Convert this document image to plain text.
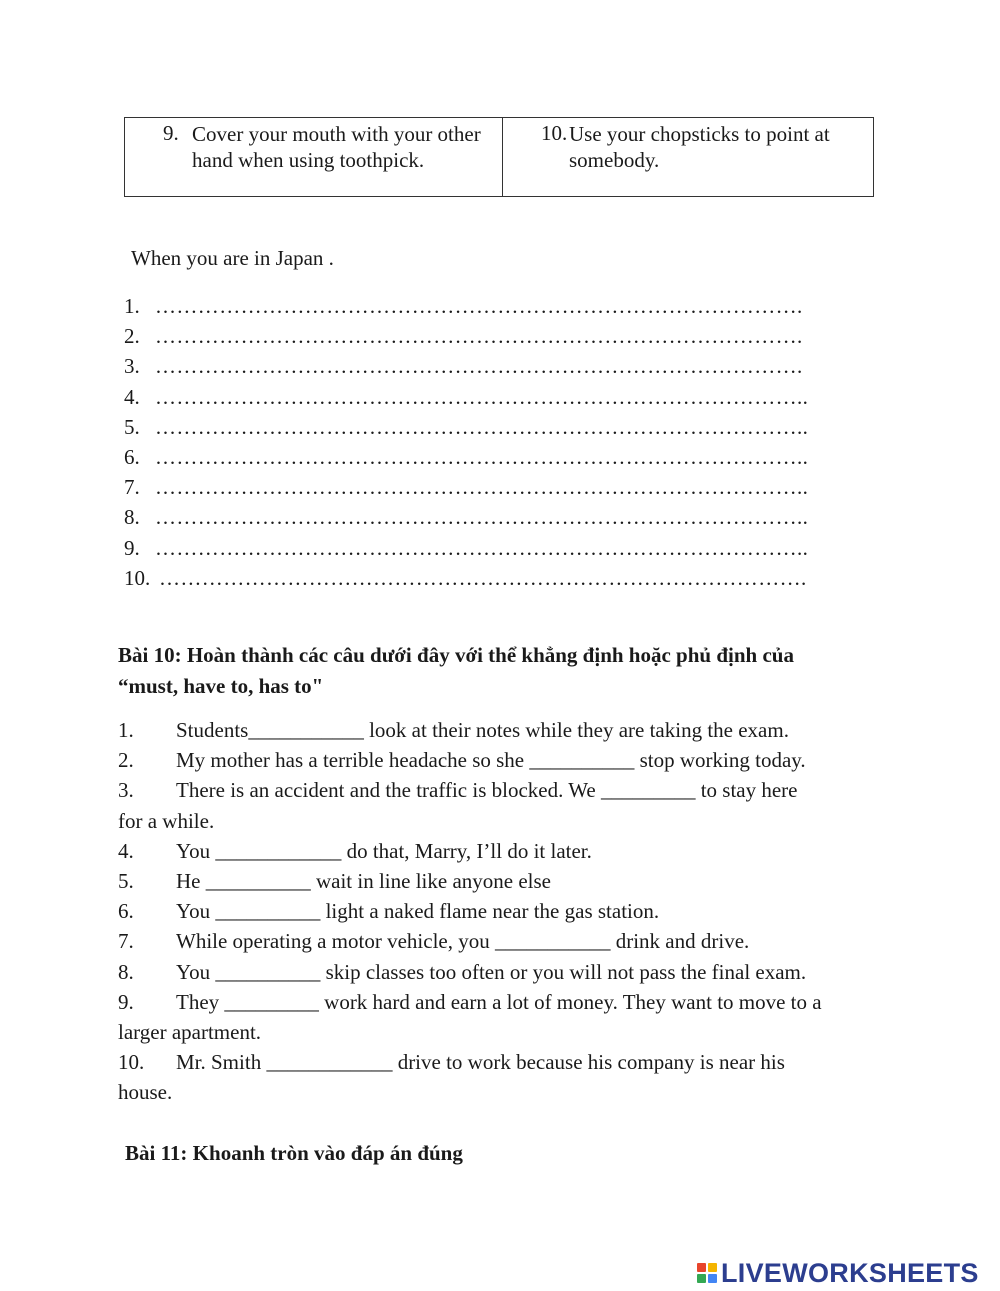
9. Cover your mouth with your other hand when using toothpick.
10. Use your chopsticks to point at somebody.
When you are in Japan .
1. ……………………………………………………………………………….
2. ……………………………………………………………………………….
3. ……………………………………………………………………………….
4. ………………………………………………………………………………..
5. ………………………………………………………………………………..
6. ………………………………………………………………………………..
7. ………………………………………………………………………………..
8. ………………………………………………………………………………..
9. ………………………………………………………………………………..
10. ……………………………………………………………………………….
Bài 10: Hoàn thành các câu dưới đây với thể khẳng định hoặc phủ định của
“must, have to, has to"
1. Students___________ look at their notes while they are taking the exam.
2. My mother has a terrible headache so she __________ stop working today.
3. There is an accident and the traffic is blocked. We _________ to stay here
for a while.
4. You ____________ do that, Marry, I’ll do it later.
5. He __________ wait in line like anyone else
6. You __________ light a naked flame near the gas station.
7. While operating a motor vehicle, you ___________ drink and drive.
8. You __________ skip classes too often or you will not pass the final exam.
9. They _________ work hard and earn a lot of money. They want to move to a
larger apartment.
10. Mr. Smith ____________ drive to work because his company is near his
house.
Bài 11: Khoanh tròn vào đáp án đúng
LIVEWORKSHEETS
